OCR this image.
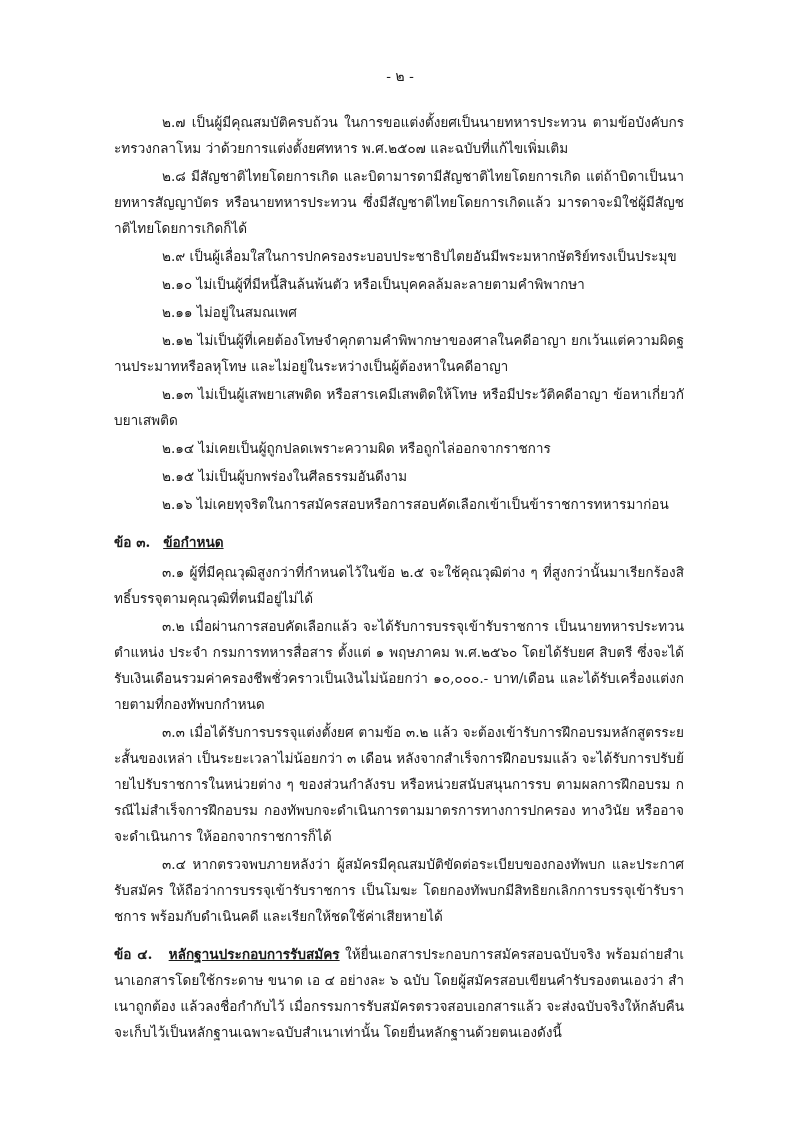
- ๒ -

๒.๗ เป็นผู้มีคุณสมบัติครบถ้วน ในการขอแต่งตั้งยศเป็นนายทหารประทวน ตามข้อบังคับกระทรวงกลาโหม ว่าด้วยการแต่งตั้งยศทหาร พ.ศ.๒๕๐๗ และฉบับที่แก้ไขเพิ่มเติม

๒.๘ มีสัญชาติไทยโดยการเกิด และบิดามารดามีสัญชาติไทยโดยการเกิด แต่ถ้าบิดาเป็นนายทหารสัญญาบัตร หรือนายทหารประทวน ซึ่งมีสัญชาติไทยโดยการเกิดแล้ว มารดาจะมิใช่ผู้มีสัญชาติไทยโดยการเกิดก็ได้

๒.๙ เป็นผู้เลื่อมใสในการปกครองระบอบประชาธิปไตยอันมีพระมหากษัตริย์ทรงเป็นประมุข

๒.๑๐ ไม่เป็นผู้ที่มีหนี้สินล้นพ้นตัว หรือเป็นบุคคลล้มละลายตามคำพิพากษา

๒.๑๑ ไม่อยู่ในสมณเพศ

๒.๑๒ ไม่เป็นผู้ที่เคยต้องโทษจำคุกตามคำพิพากษาของศาลในคดีอาญา ยกเว้นแต่ความผิดฐานประมาทหรือลหุโทษ และไม่อยู่ในระหว่างเป็นผู้ต้องหาในคดีอาญา

๒.๑๓ ไม่เป็นผู้เสพยาเสพติด หรือสารเคมีเสพติดให้โทษ หรือมีประวัติคดีอาญา ข้อหาเกี่ยวกับยาเสพติด

๒.๑๔ ไม่เคยเป็นผู้ถูกปลดเพราะความผิด หรือถูกไล่ออกจากราชการ

๒.๑๕ ไม่เป็นผู้บกพร่องในศีลธรรมอันดีงาม

๒.๑๖ ไม่เคยทุจริตในการสมัครสอบหรือการสอบคัดเลือกเข้าเป็นข้าราชการทหารมาก่อน

ข้อ ๓. ข้อกำหนด

๓.๑ ผู้ที่มีคุณวุฒิสูงกว่าที่กำหนดไว้ในข้อ ๒.๕ จะใช้คุณวุฒิต่าง ๆ ที่สูงกว่านั้นมาเรียกร้องสิทธิ์บรรจุตามคุณวุฒิที่ตนมีอยู่ไม่ได้

๓.๒ เมื่อผ่านการสอบคัดเลือกแล้ว จะได้รับการบรรจุเข้ารับราชการ เป็นนายทหารประทวน ตำแหน่ง ประจำ กรมการทหารสื่อสาร ตั้งแต่ ๑ พฤษภาคม พ.ศ.๒๕๖๐ โดยได้รับยศ สิบตรี ซึ่งจะได้รับเงินเดือนรวมค่าครองชีพชั่วคราวเป็นเงินไม่น้อยกว่า ๑๐,๐๐๐.- บาท/เดือน และได้รับเครื่องแต่งกายตามที่กองทัพบกกำหนด

๓.๓ เมื่อได้รับการบรรจุแต่งตั้งยศ ตามข้อ ๓.๒ แล้ว จะต้องเข้ารับการฝึกอบรมหลักสูตรระยะสั้นของเหล่า เป็นระยะเวลาไม่น้อยกว่า ๓ เดือน หลังจากสำเร็จการฝึกอบรมแล้ว จะได้รับการปรับย้ายไปรับราชการในหน่วยต่าง ๆ ของส่วนกำลังรบ หรือหน่วยสนับสนุนการรบ ตามผลการฝึกอบรม กรณีไม่สำเร็จการฝึกอบรม กองทัพบกจะดำเนินการตามมาตรการทางการปกครอง ทางวินัย หรืออาจจะดำเนินการ ให้ออกจากราชการก็ได้

๓.๔ หากตรวจพบภายหลังว่า ผู้สมัครมีคุณสมบัติขัดต่อระเบียบของกองทัพบก และประกาศรับสมัคร ให้ถือว่าการบรรจุเข้ารับราชการ เป็นโมฆะ โดยกองทัพบกมีสิทธิยกเลิกการบรรจุเข้ารับราชการ พร้อมกับดำเนินคดี และเรียกให้ชดใช้ค่าเสียหายได้

ข้อ ๔. หลักฐานประกอบการรับสมัคร ให้ยื่นเอกสารประกอบการสมัครสอบฉบับจริง พร้อมถ่ายสำเนาเอกสารโดยใช้กระดาษ ขนาด เอ ๔ อย่างละ ๖ ฉบับ โดยผู้สมัครสอบเขียนคำรับรองตนเองว่า สำเนาถูกต้อง แล้วลงชื่อกำกับไว้ เมื่อกรรมการรับสมัครตรวจสอบเอกสารแล้ว จะส่งฉบับจริงให้กลับคืน จะเก็บไว้เป็นหลักฐานเฉพาะฉบับสำเนาเท่านั้น โดยยื่นหลักฐานด้วยตนเองดังนี้
